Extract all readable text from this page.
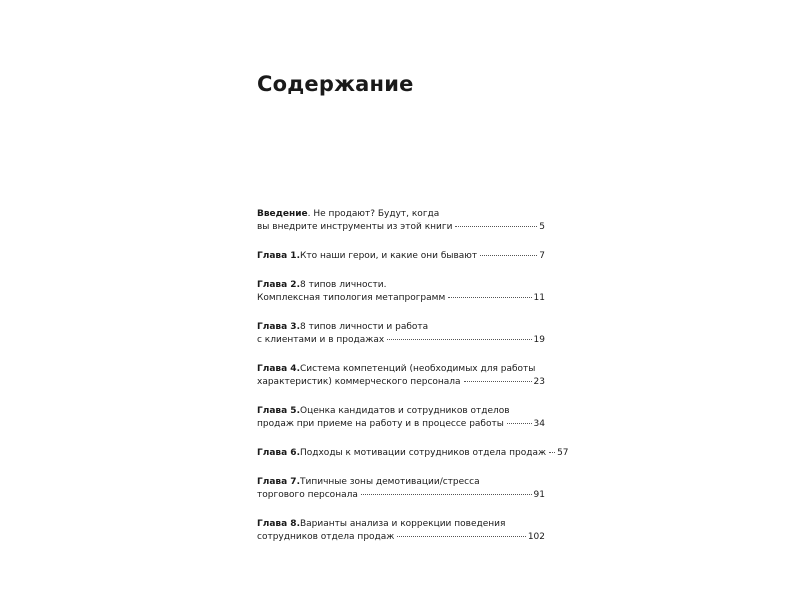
Содержание
Введение . Не продают? Будут, когда
вы внедрите инструменты из этой книги	5
Глава 1. Кто наши герои, и какие они бывают	7
Глава 2. 8 типов личности.
Комплексная типология метапрограмм	11
Глава 3. 8 типов личности и работа
с клиентами и в продажах	19
Глава 4. Система компетенций (необходимых для работы
характеристик) коммерческого персонала	23
Глава 5. Оценка кандидатов и сотрудников отделов
продаж при приеме на работу и в процессе работы	34
Глава 6. Подходы к мотивации сотрудников отдела продаж 57
Глава 7. Типичные зоны демотивации/стресса
торгового персонала	91
Глава 8. Варианты анализа и коррекции поведения
сотрудников отдела продаж	102
